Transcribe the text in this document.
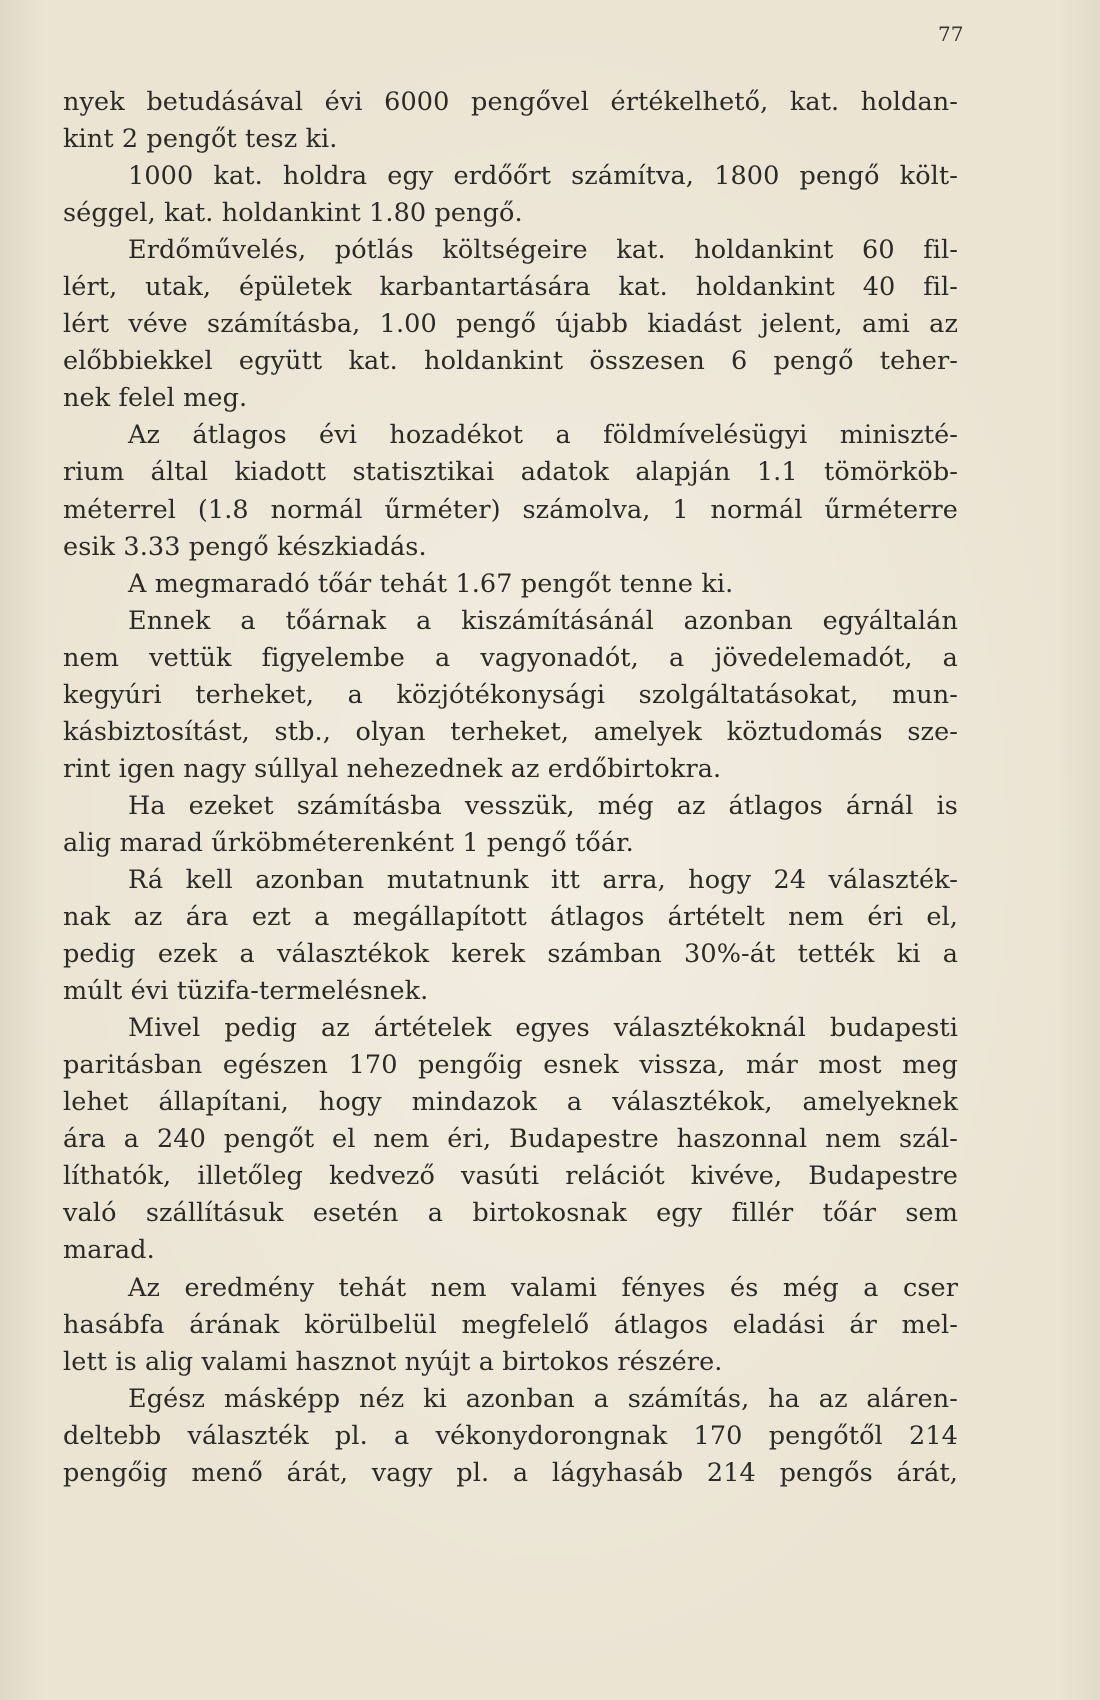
77
nyek betudásával évi 6000 pengővel értékelhető, kat. holdan-
kint 2 pengőt tesz ki.
1000 kat. holdra egy erdőőrt számítva, 1800 pengő költ-
séggel, kat. holdankint 1.80 pengő.
Erdőművelés, pótlás költségeire kat. holdankint 60 fil-
lért, utak, épületek karbantartására kat. holdankint 40 fil-
lért véve számításba, 1.00 pengő újabb kiadást jelent, ami az
előbbiekkel együtt kat. holdankint összesen 6 pengő teher-
nek felel meg.
Az átlagos évi hozadékot a földmívelésügyi miniszté-
rium által kiadott statisztikai adatok alapján 1.1 tömörköb-
méterrel (1.8 normál űrméter) számolva, 1 normál űrméterre
esik 3.33 pengő készkiadás.
A megmaradó tőár tehát 1.67 pengőt tenne ki.
Ennek a tőárnak a kiszámításánál azonban egyáltalán
nem vettük figyelembe a vagyonadót, a jövedelemadót, a
kegyúri terheket, a közjótékonysági szolgáltatásokat, mun-
kásbiztosítást, stb., olyan terheket, amelyek köztudomás sze-
rint igen nagy súllyal nehezednek az erdőbirtokra.
Ha ezeket számításba vesszük, még az átlagos árnál is
alig marad űrköbméterenként 1 pengő tőár.
Rá kell azonban mutatnunk itt arra, hogy 24 választék-
nak az ára ezt a megállapított átlagos ártételt nem éri el,
pedig ezek a választékok kerek számban 30%-át tették ki a
múlt évi tüzifa-termelésnek.
Mivel pedig az ártételek egyes választékoknál budapesti
paritásban egészen 170 pengőig esnek vissza, már most meg
lehet állapítani, hogy mindazok a választékok, amelyeknek
ára a 240 pengőt el nem éri, Budapestre haszonnal nem szál-
líthatók, illetőleg kedvező vasúti relációt kivéve, Budapestre
való szállításuk esetén a birtokosnak egy fillér tőár sem
marad.
Az eredmény tehát nem valami fényes és még a cser
hasábfa árának körülbelül megfelelő átlagos eladási ár mel-
lett is alig valami hasznot nyújt a birtokos részére.
Egész másképp néz ki azonban a számítás, ha az aláren-
deltebb választék pl. a vékonydorongnak 170 pengőtől 214
pengőig menő árát, vagy pl. a lágyhasáb 214 pengős árát,
